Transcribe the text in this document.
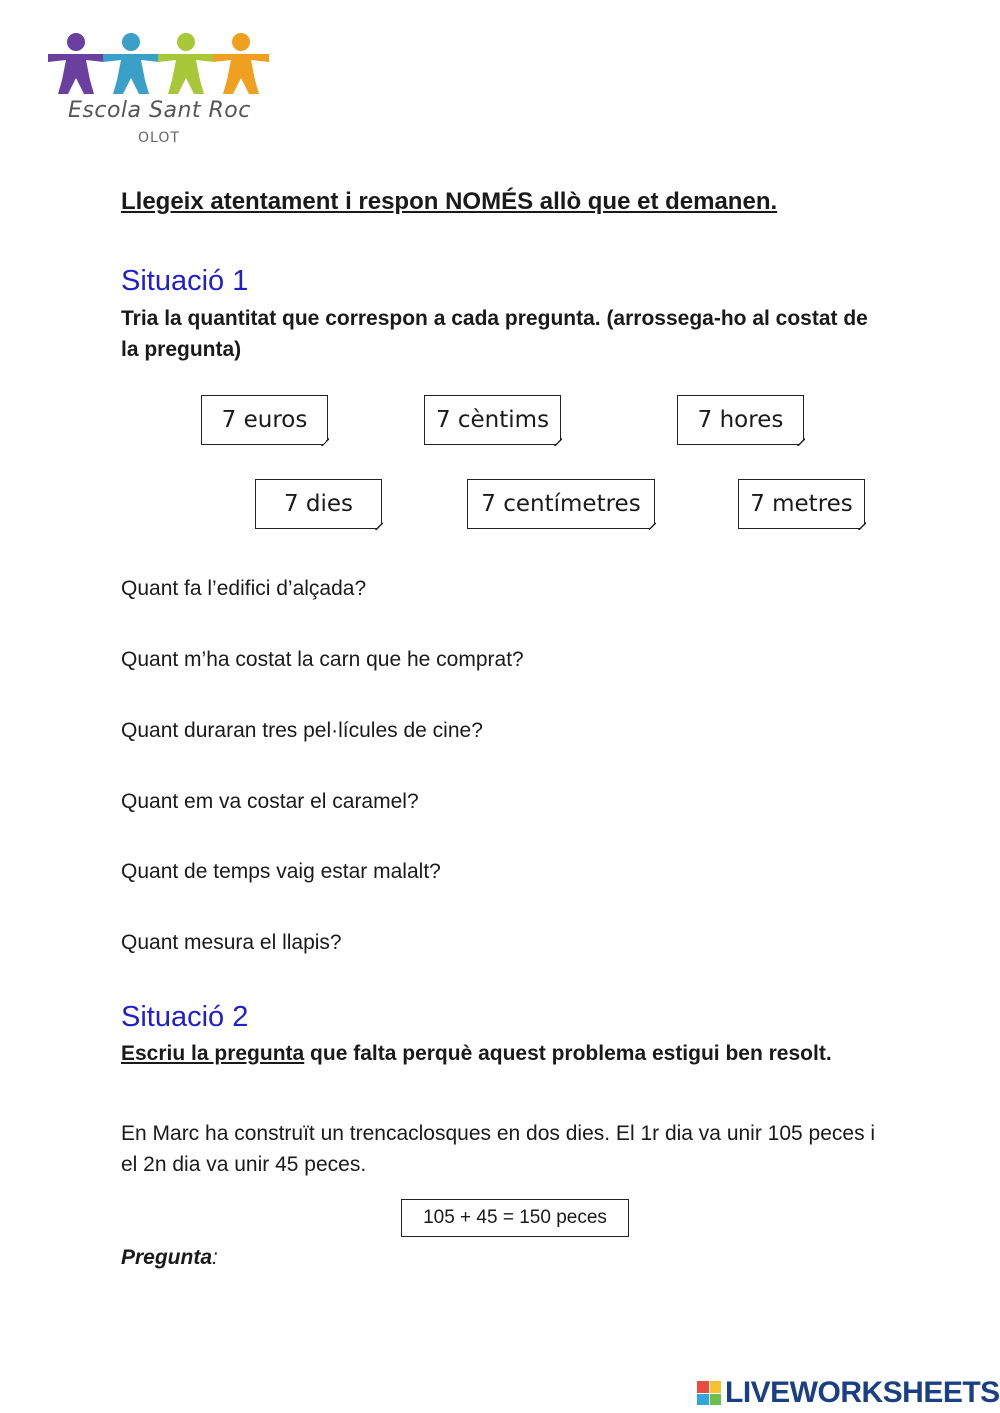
Escola Sant Roc
OLOT
Llegeix atentament i respon NOMÉS allò que et demanen.
Situació 1
Tria la quantitat que correspon a cada pregunta. (arrossega-ho al costat de la pregunta)
7 euros	7 cèntims	7 hores
7 dies	7 centímetres	7 metres
Quant fa l’edifici d’alçada?
Quant m’ha costat la carn que he comprat?
Quant duraran tres pel·lícules de cine?
Quant em va costar el caramel?
Quant de temps vaig estar malalt?
Quant mesura el llapis?
Situació 2
Escriu la pregunta que falta perquè aquest problema estigui ben resolt.
En Marc ha construït un trencaclosques en dos dies. El 1r dia va unir 105 peces i el 2n dia va unir 45 peces.
105 + 45 = 150 peces
Pregunta:
LIVEWORKSHEETS
